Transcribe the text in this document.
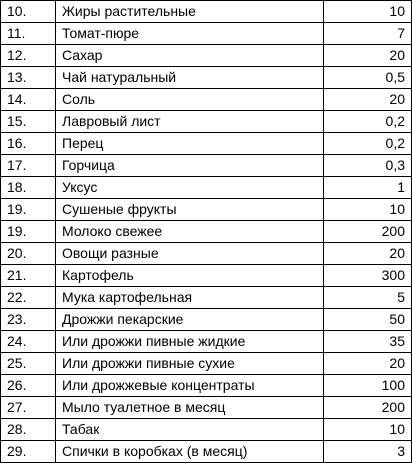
10.	Жиры растительные	10
11.	Томат-пюре	7
12.	Сахар	20
13.	Чай натуральный	0,5
14.	Соль	20
15.	Лавровый лист	0,2
16.	Перец	0,2
17.	Горчица	0,3
18.	Уксус	1
19.	Сушеные фрукты	10
19.	Молоко свежее	200
20.	Овощи разные	20
21.	Картофель	300
22.	Мука картофельная	5
23.	Дрожжи пекарские	50
24.	Или дрожжи пивные жидкие	35
25.	Или дрожжи пивные сухие	20
26.	Или дрожжевые концентраты	100
27.	Мыло туалетное в месяц	200
28.	Табак	10
29.	Спички в коробках (в месяц)	3
